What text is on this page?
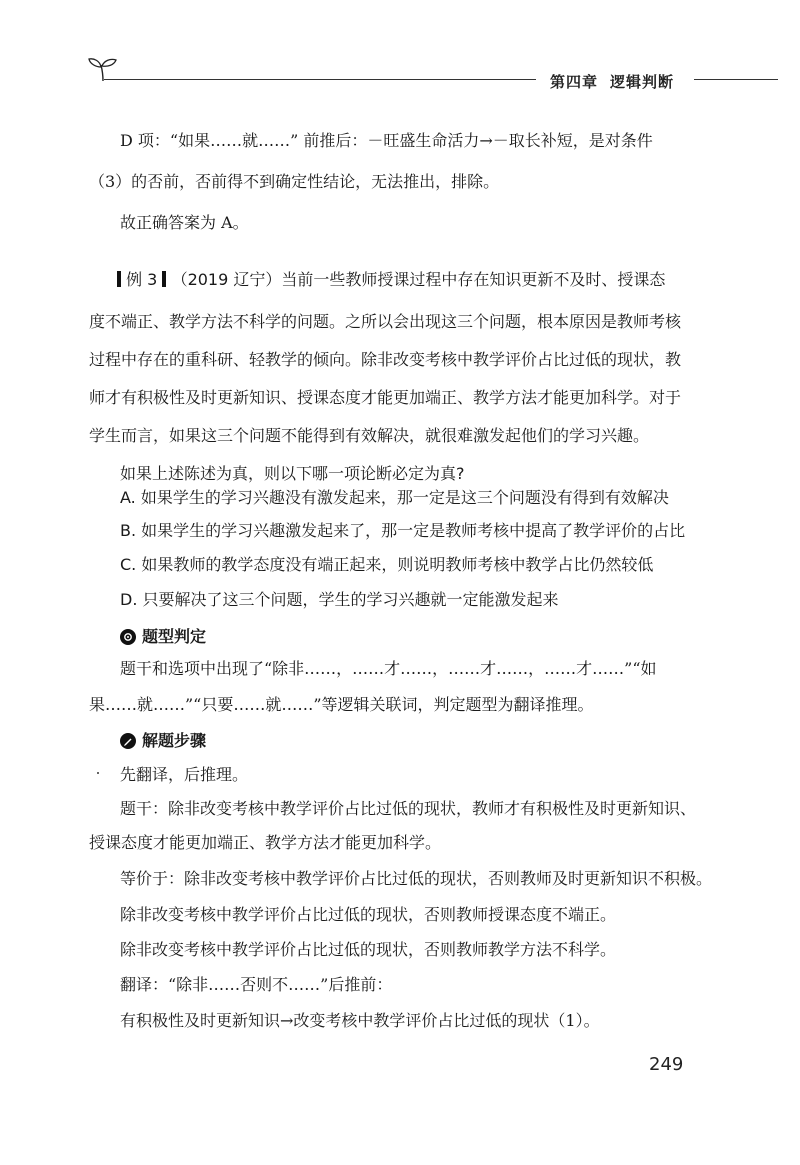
第四章 逻辑判断
D 项：“如果……就……” 前推后：－旺盛生命活力→－取长补短，是对条件
（3）的否前，否前得不到确定性结论，无法推出，排除。
故正确答案为 A。
例 3 （2019 辽宁）当前一些教师授课过程中存在知识更新不及时、授课态
度不端正、教学方法不科学的问题。之所以会出现这三个问题，根本原因是教师考核
过程中存在的重科研、轻教学的倾向。除非改变考核中教学评价占比过低的现状，教
师才有积极性及时更新知识、授课态度才能更加端正、教学方法才能更加科学。对于
学生而言，如果这三个问题不能得到有效解决，就很难激发起他们的学习兴趣。
如果上述陈述为真，则以下哪一项论断必定为真?
A. 如果学生的学习兴趣没有激发起来，那一定是这三个问题没有得到有效解决
B. 如果学生的学习兴趣激发起来了，那一定是教师考核中提高了教学评价的占比
C. 如果教师的教学态度没有端正起来，则说明教师考核中教学占比仍然较低
D. 只要解决了这三个问题，学生的学习兴趣就一定能激发起来
题型判定
题干和选项中出现了“除非……，……才……，……才……，……才……”“如
果……就……”“只要……就……”等逻辑关联词，判定题型为翻译推理。
解题步骤
先翻译，后推理。
题干：除非改变考核中教学评价占比过低的现状，教师才有积极性及时更新知识、
授课态度才能更加端正、教学方法才能更加科学。
等价于：除非改变考核中教学评价占比过低的现状，否则教师及时更新知识不积极。
除非改变考核中教学评价占比过低的现状，否则教师授课态度不端正。
除非改变考核中教学评价占比过低的现状，否则教师教学方法不科学。
翻译：“除非……否则不……”后推前：
有积极性及时更新知识→改变考核中教学评价占比过低的现状（1）。
249
